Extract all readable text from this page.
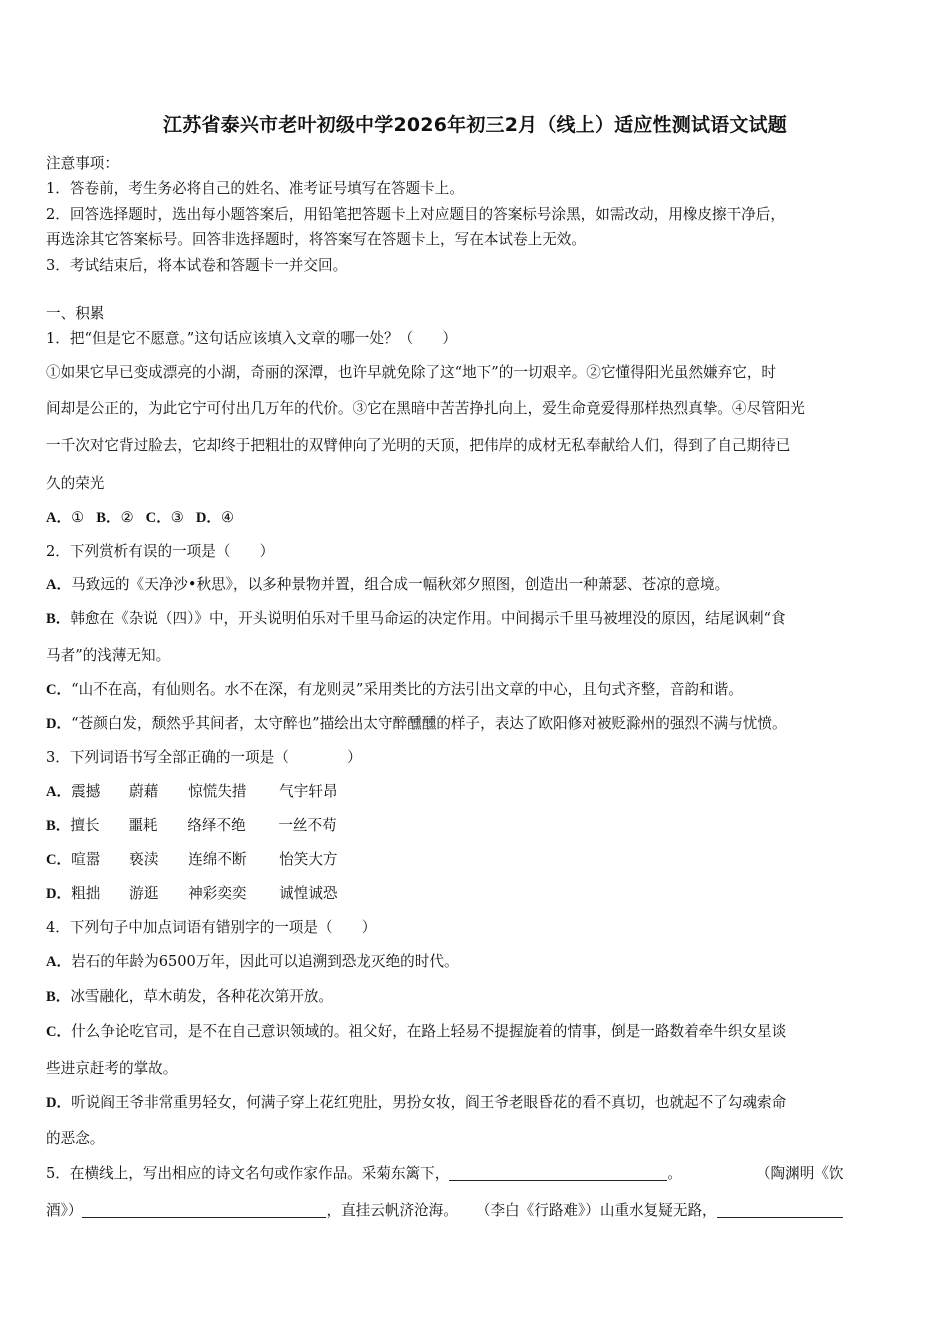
江苏省泰兴市老叶初级中学2026年初三2月（线上）适应性测试语文试题
注意事项：
1．答卷前，考生务必将自己的姓名、准考证号填写在答题卡上。
2．回答选择题时，选出每小题答案后，用铅笔把答题卡上对应题目的答案标号涂黑，如需改动，用橡皮擦干净后，
再选涂其它答案标号。回答非选择题时，将答案写在答题卡上，写在本试卷上无效。
3．考试结束后，将本试卷和答题卡一并交回。
一、积累
1．把“但是它不愿意。”这句话应该填入文章的哪一处？（　　）
①如果它早已变成漂亮的小湖，奇丽的深潭，也许早就免除了这“地下”的一切艰辛。②它懂得阳光虽然嫌弃它，时
间却是公正的，为此它宁可付出几万年的代价。③它在黑暗中苦苦挣扎向上，爱生命竟爱得那样热烈真挚。④尽管阳光
一千次对它背过脸去，它却终于把粗壮的双臂伸向了光明的天顶，把伟岸的成材无私奉献给人们，得到了自己期待已
久的荣光
A．① B．② C．③ D．④
2．下列赏析有误的一项是（　　）
A．马致远的《天净沙•秋思》，以多种景物并置，组合成一幅秋郊夕照图，创造出一种萧瑟、苍凉的意境。
B．韩愈在《杂说（四）》中，开头说明伯乐对千里马命运的决定作用。中间揭示千里马被埋没的原因，结尾讽刺“食
马者”的浅薄无知。
C．“山不在高，有仙则名。水不在深，有龙则灵”采用类比的方法引出文章的中心，且句式齐整，音韵和谐。
D．“苍颜白发，颓然乎其间者，太守醉也”描绘出太守醉醺醺的样子，表达了欧阳修对被贬滁州的强烈不满与忧愤。
3．下列词语书写全部正确的一项是（　　　　）
A．震撼 蔚藉 惊慌失措 气宇轩昂
B．擅长 噩耗 络绎不绝 一丝不苟
C．喧嚣 亵渎 连绵不断 怡笑大方
D．粗拙 游逛 神彩奕奕 诚惶诚恐
4．下列句子中加点词语有错别字的一项是（　　）
A．岩石的年龄为6500万年，因此可以追溯到恐龙灭绝的时代。
B．冰雪融化，草木萌发，各种花次第开放。
C．什么争论吃官司，是不在自己意识领域的。祖父好，在路上轻易不提握旋着的情事，倒是一路数着牵牛织女星谈
些进京赶考的掌故。
D．听说阎王爷非常重男轻女，何满子穿上花红兜肚，男扮女妆，阎王爷老眼昏花的看不真切，也就起不了勾魂索命
的恶念。
5．在横线上，写出相应的诗文名句或作家作品。采菊东篱下，	。	（陶渊明《饮
酒》）	，直挂云帆济沧海。 （李白《行路难》）山重水复疑无路，
